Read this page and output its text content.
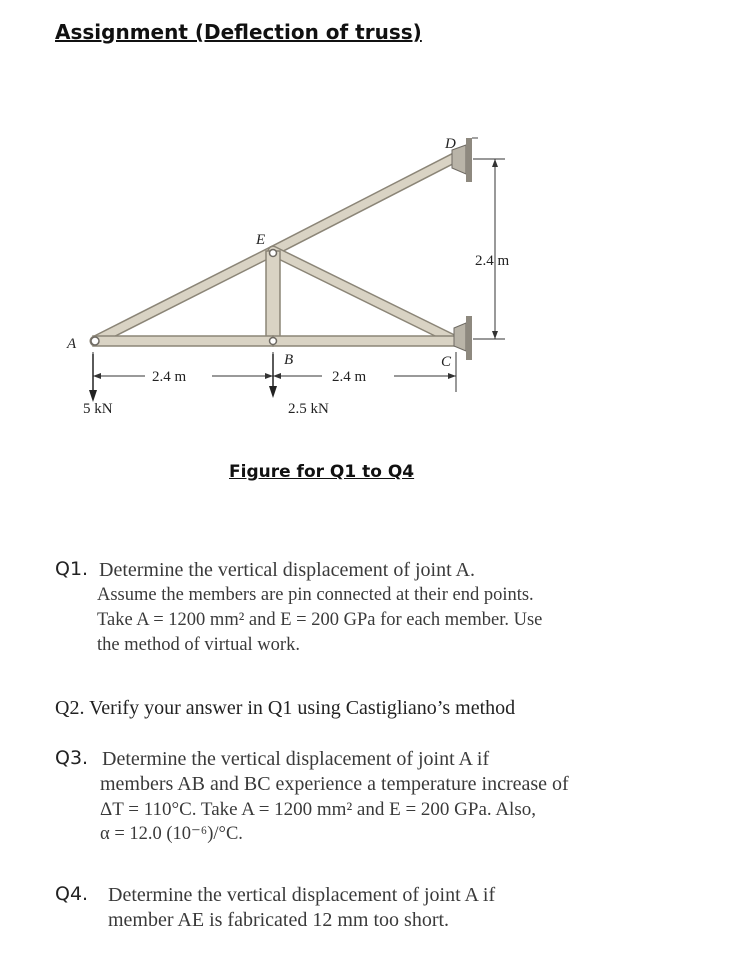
Assignment (Deflection of truss)
A
B	C
D
E
2.4 m	2.4 m
2.4 m
5 kN	2.5 kN
Figure for Q1 to Q4
Q1. Determine the vertical displacement of joint A.
Assume the members are pin connected at their end points.
Take A = 1200 mm² and E = 200 GPa for each member. Use
the method of virtual work.
Q2. Verify your answer in Q1 using Castigliano’s method
Q3. Determine the vertical displacement of joint A if
members AB and BC experience a temperature increase of
ΔT = 110°C. Take A = 1200 mm² and E = 200 GPa. Also,
α = 12.0 (10⁻⁶)/°C.
Q4. Determine the vertical displacement of joint A if
member AE is fabricated 12 mm too short.
